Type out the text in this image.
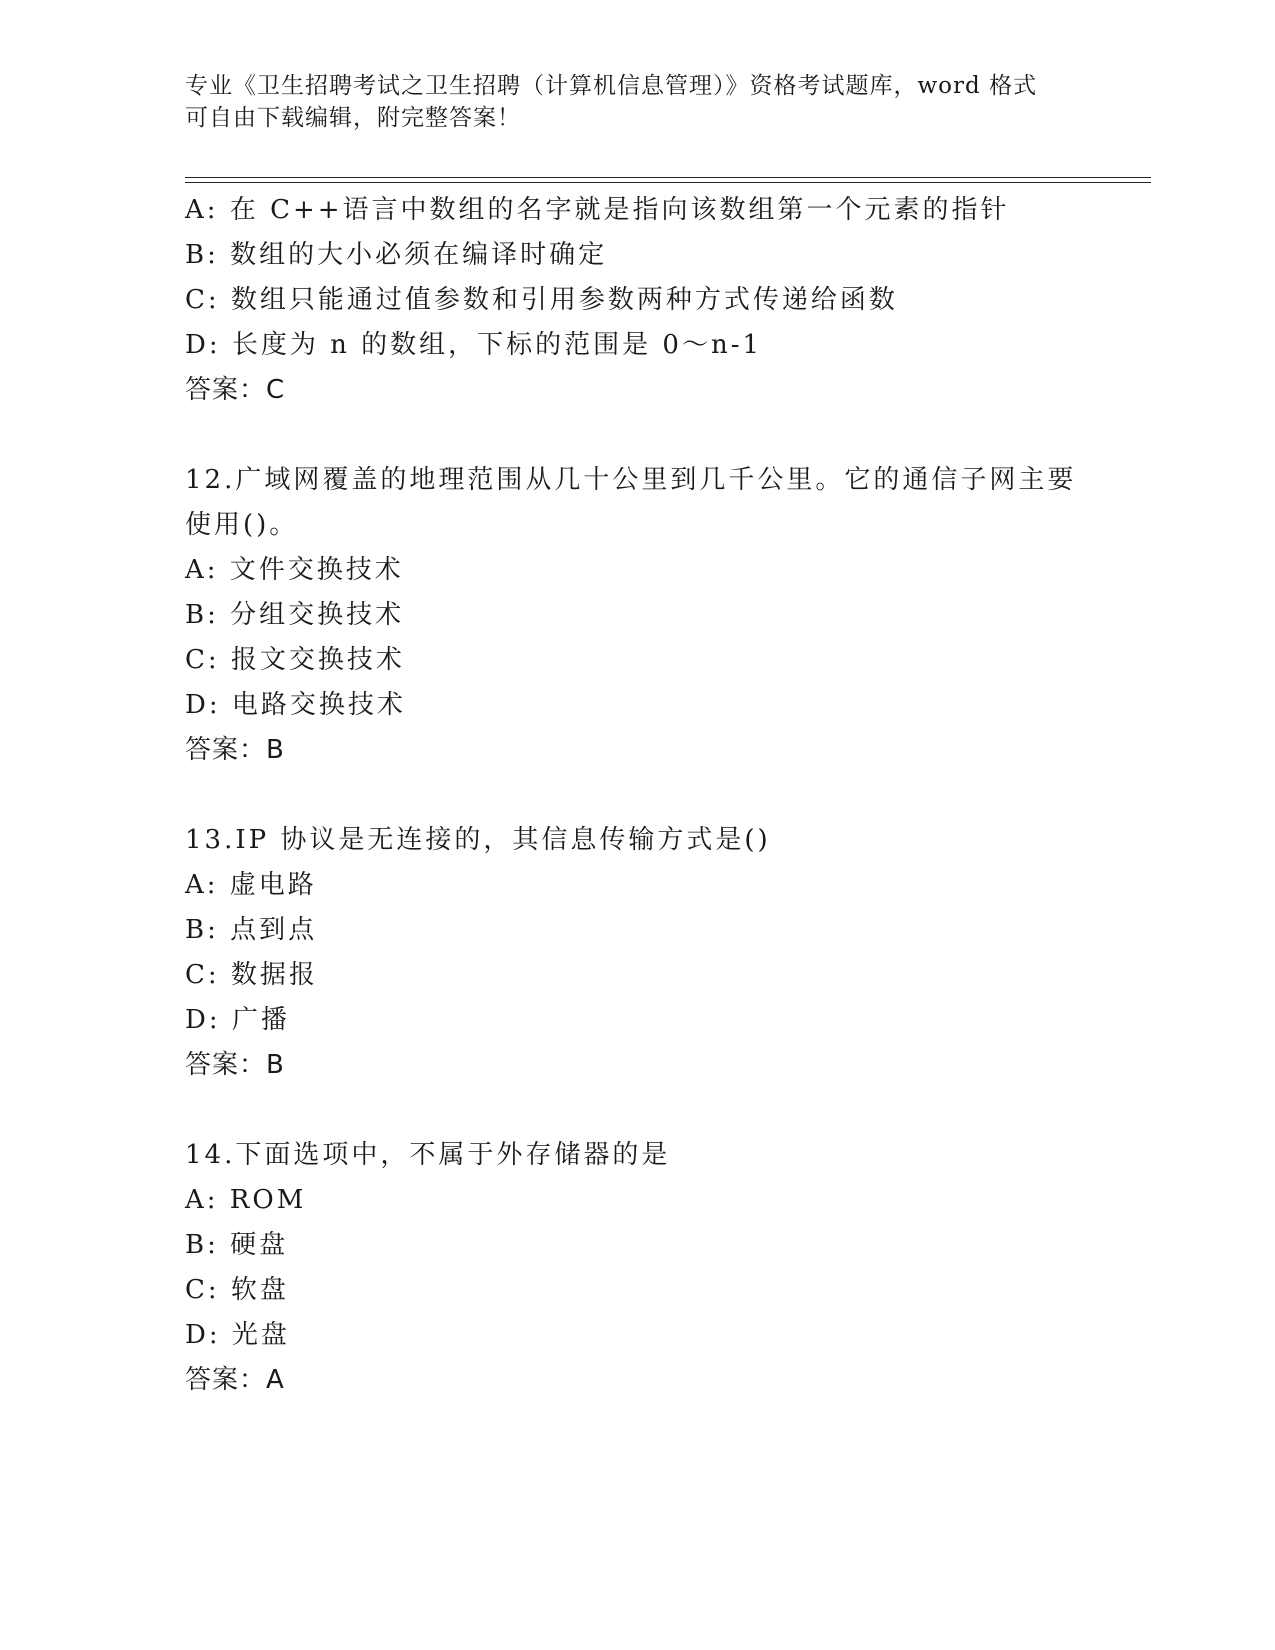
专业《卫生招聘考试之卫生招聘（计算机信息管理）》资格考试题库，word 格式
可自由下载编辑，附完整答案！
A: 在 C++语言中数组的名字就是指向该数组第一个元素的指针
B: 数组的大小必须在编译时确定
C: 数组只能通过值参数和引用参数两种方式传递给函数
D: 长度为 n 的数组，下标的范围是 0～n-1
答案：C
12.广域网覆盖的地理范围从几十公里到几千公里。它的通信子网主要
使用()。
A: 文件交换技术
B: 分组交换技术
C: 报文交换技术
D: 电路交换技术
答案：B
13.IP 协议是无连接的，其信息传输方式是()
A: 虚电路
B: 点到点
C: 数据报
D: 广播
答案：B
14.下面选项中，不属于外存储器的是
A: ROM
B: 硬盘
C: 软盘
D: 光盘
答案：A
